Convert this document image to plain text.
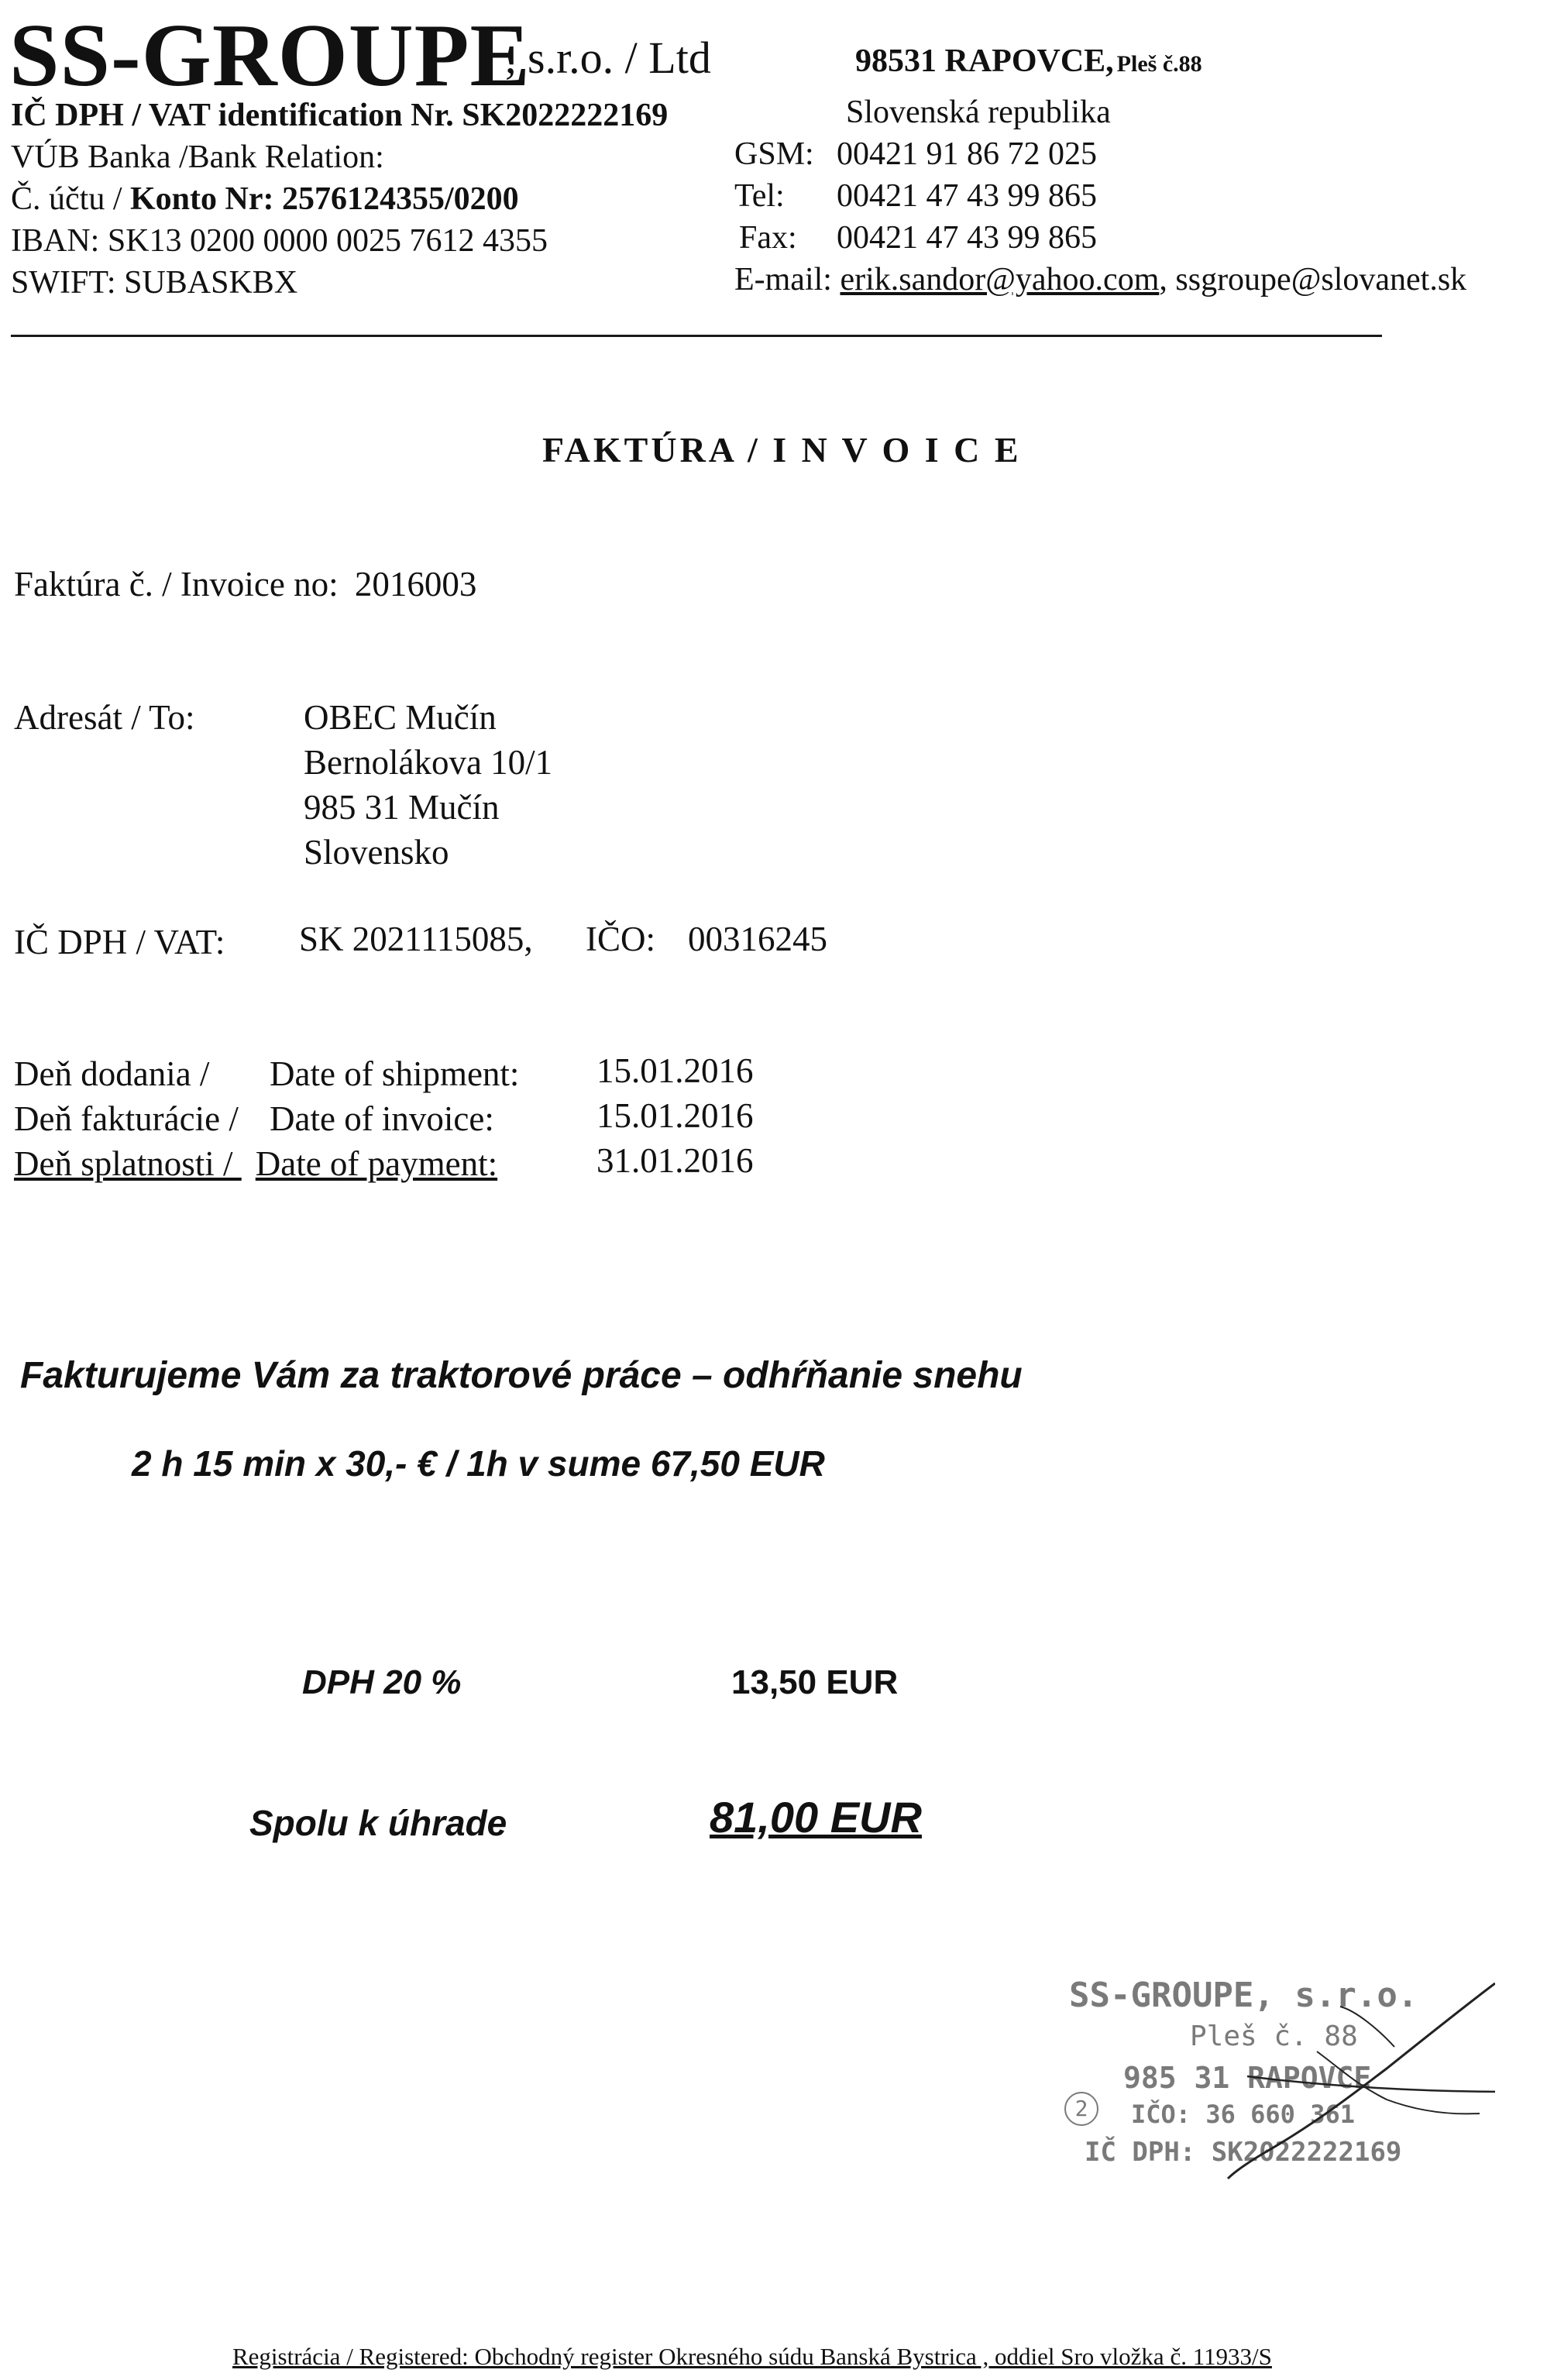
SS-GROUPE
, s.r.o. / Ltd
IČ DPH / VAT identification Nr. SK2022222169
VÚB Banka /Bank Relation:
Č. účtu / Konto Nr: 2576124355/0200
IBAN: SK13 0200 0000 0025 7612 4355
SWIFT: SUBASKBX
98531 RAPOVCE, Pleš č.88
Slovenská republika
GSM: 00421 91 86 72 025
Tel: 00421 47 43 99 865
Fax: 00421 47 43 99 865
E-mail: erik.sandor@yahoo.com, ssgroupe@slovanet.sk
FAKTÚRA / I N V O I C E
Faktúra č. / Invoice no: 2016003
Adresát / To:	OBEC Mučín
Bernolákova 10/1
985 31 Mučín
Slovensko
IČ DPH / VAT: SK 2021115085, IČO: 00316245
Deň dodania / Date of shipment: 15.01.2016
Deň fakturácie / Date of invoice:	15.01.2016
Deň splatnosti / Date of payment:	31.01.2016
Fakturujeme Vám za traktorové práce – odhŕňanie snehu
2 h 15 min x 30,- € / 1h v sume 67,50 EUR
DPH 20 %	13,50 EUR
Spolu k úhrade	81,00 EUR
SS-GROUPE, s.r.o.
Pleš č. 88
985 31 RAPOVCE
2	IČO: 36 660 361
IČ DPH: SK2022222169
Registrácia / Registered: Obchodný register Okresného súdu Banská Bystrica , oddiel Sro vložka č. 11933/S
